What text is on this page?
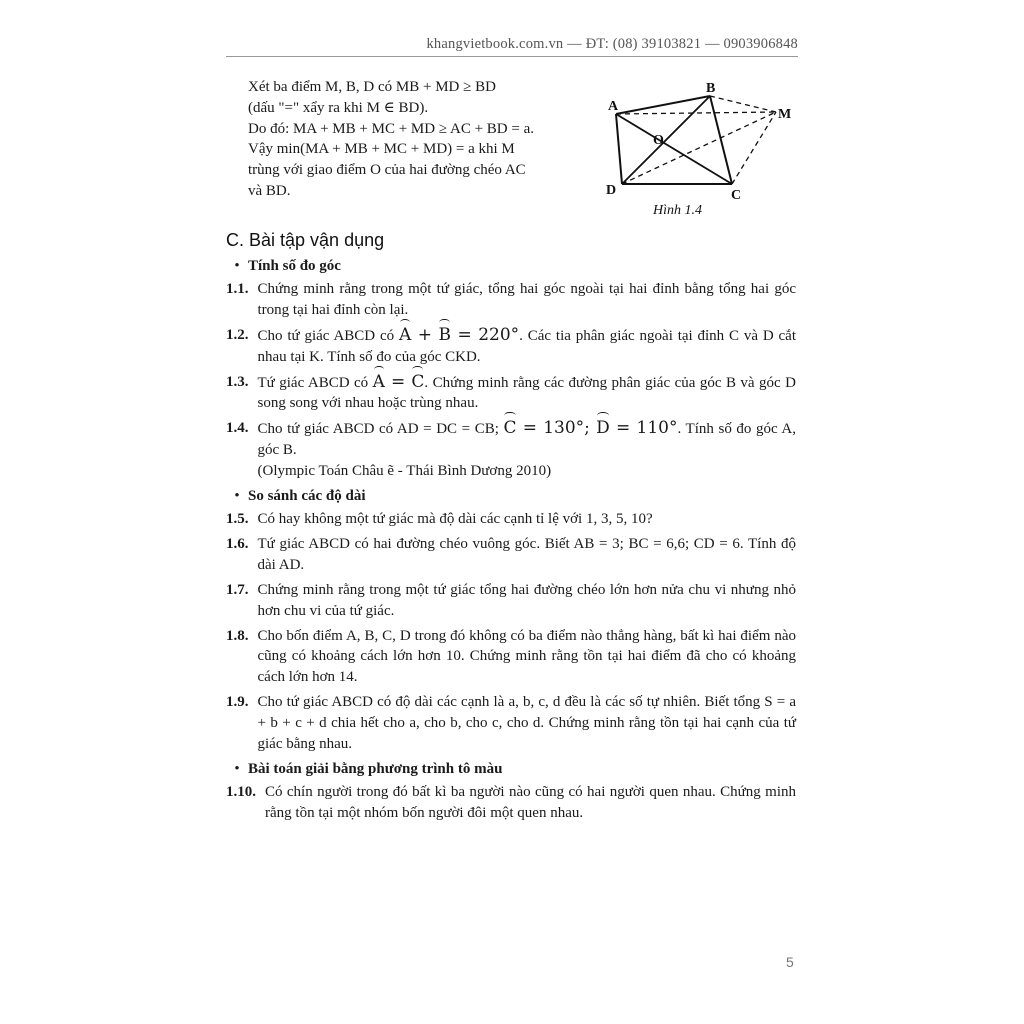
khangvietbook.com.vn — ĐT: (08) 39103821 — 0903906848

Xét ba điểm M, B, D có MB + MD ≥ BD

(dấu "=" xẩy ra khi M ∈ BD).

Do đó: MA + MB + MC + MD ≥ AC + BD = a.

Vậy min(MA + MB + MC + MD) = a khi M

trùng với giao điểm O của hai đường chéo AC

và BD.

A
B
M
O
C
D
Hình 1.4
C. Bài tập vận dụng
• Tính số đo góc
1.1. Chứng minh rằng trong một tứ giác, tổng hai góc ngoài tại hai đỉnh bằng tổng hai góc trong tại hai đỉnh còn lại.
1.2. Cho tứ giác ABCD có A + B = 220°. Các tia phân giác ngoài tại đỉnh C và D cắt nhau tại K. Tính số đo của góc CKD.
1.3. Tứ giác ABCD có A = C. Chứng minh rằng các đường phân giác của góc B và góc D song song với nhau hoặc trùng nhau.
1.4. Cho tứ giác ABCD có AD = DC = CB; C = 130°; D = 110°. Tính số đo góc A, góc B.
(Olympic Toán Châu ẽ - Thái Bình Dương 2010)
• So sánh các độ dài
1.5. Có hay không một tứ giác mà độ dài các cạnh tỉ lệ với 1, 3, 5, 10?
1.6. Tứ giác ABCD có hai đường chéo vuông góc. Biết AB = 3; BC = 6,6; CD = 6. Tính độ dài AD.
1.7. Chứng minh rằng trong một tứ giác tổng hai đường chéo lớn hơn nửa chu vi nhưng nhỏ hơn chu vi của tứ giác.
1.8. Cho bốn điểm A, B, C, D trong đó không có ba điểm nào thẳng hàng, bất kì hai điểm nào cũng có khoảng cách lớn hơn 10. Chứng minh rằng tồn tại hai điểm đã cho có khoảng cách lớn hơn 14.
1.9. Cho tứ giác ABCD có độ dài các cạnh là a, b, c, d đều là các số tự nhiên. Biết tổng S = a + b + c + d chia hết cho a, cho b, cho c, cho d. Chứng minh rằng tồn tại hai cạnh của tứ giác bằng nhau.
• Bài toán giải bằng phương trình tô màu
1.10. Có chín người trong đó bất kì ba người nào cũng có hai người quen nhau. Chứng minh rằng tồn tại một nhóm bốn người đôi một quen nhau.
5
